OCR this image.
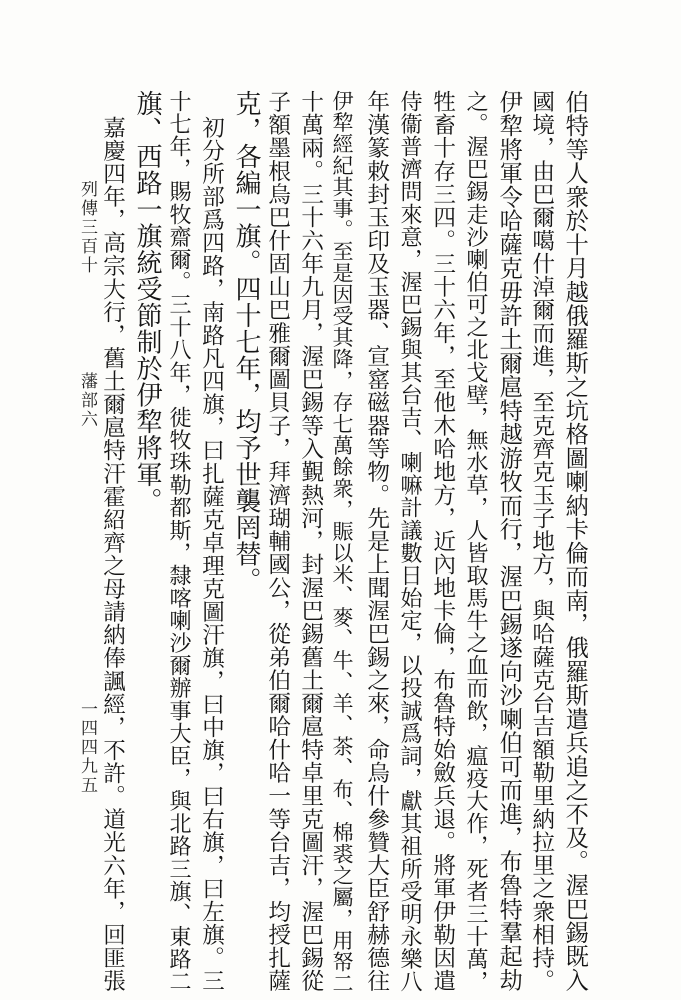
列傳三百十
藩部六
一四四九五	伯特等人衆於十月越俄羅斯之坑格圖喇納卡倫而南，俄羅斯遣兵追之不及。渥巴錫既入
國境，由巴爾噶什淖爾而進，至克齊克玉子地方，與哈薩克台吉額勒里納拉里之衆相持。
伊犂將軍令哈薩克毋許土爾扈特越游牧而行，渥巴錫遂向沙喇伯可而進，布魯特羣起劫
之。渥巴錫走沙喇伯可之北戈壁，無水草，人皆取馬牛之血而飲，瘟疫大作，死者三十萬，
牲畜十存三四。三十六年，至他木哈地方，近內地卡倫，布魯特始斂兵退。將軍伊勒因遣
侍衞普濟問來意，渥巴錫與其台吉、喇嘛計議數日始定，以投誠爲詞，獻其祖所受明永樂八
年漢篆敕封玉印及玉器、宣窰磁器等物。先是上聞渥巴錫之來，命烏什參贊大臣舒赫德往
伊犂經紀其事。至是因受其降，存七萬餘衆，賑以米、麥、牛、羊、茶、布、棉裘之屬，用帑二
十萬兩。三十六年九月，渥巴錫等入覲熱河，封渥巴錫舊土爾扈特卓里克圖汗，渥巴錫從
子額墨根烏巴什固山巴雅爾圖貝子，拜濟瑚輔國公，從弟伯爾哈什哈一等台吉，均授扎薩
克，各編一旗。四十七年，均予世襲罔替。
初分所部爲四路，南路凡四旗，曰扎薩克卓理克圖汗旗，曰中旗，曰右旗，曰左旗。三
十七年，賜牧齋爾。三十八年，徙牧珠勒都斯，隸喀喇沙爾辦事大臣，與北路三旗、東路二
旗、西路一旗統受節制於伊犂將軍。
嘉慶四年，高宗大行，舊土爾扈特汗霍紹齊之母請納俸諷經，不許。道光六年，回匪張
